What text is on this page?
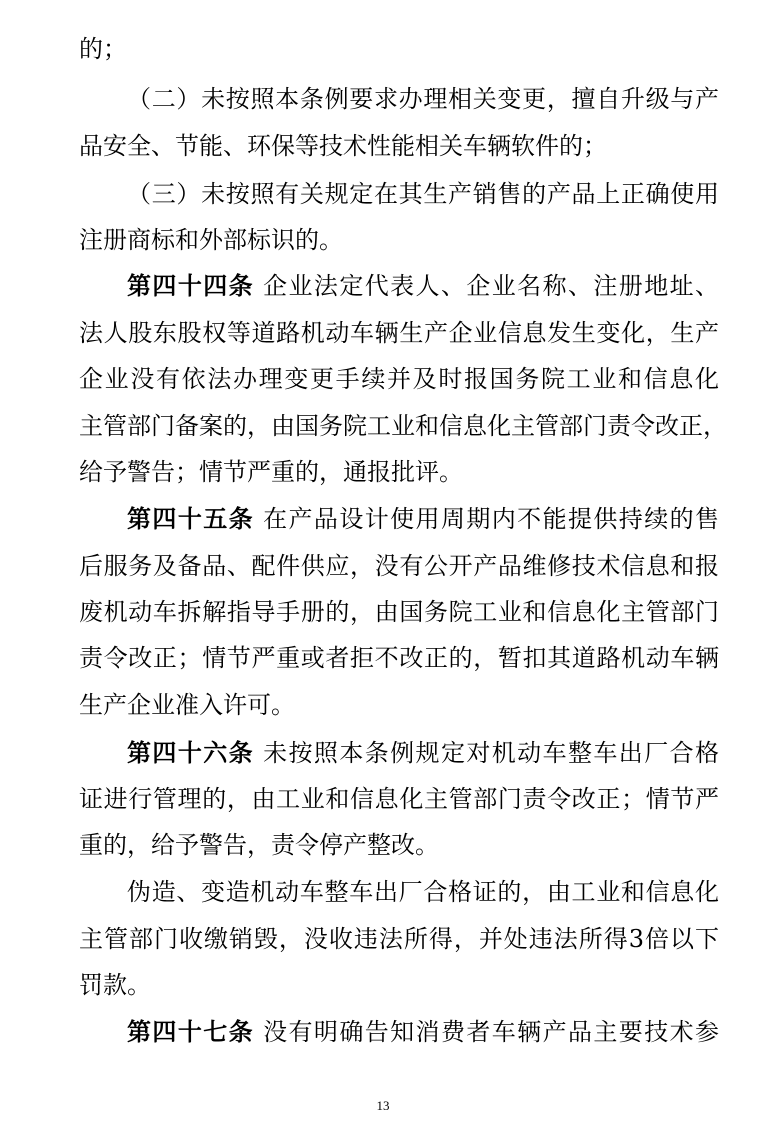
的；
（二）未按照本条例要求办理相关变更，擅自升级与产
品安全、节能、环保等技术性能相关车辆软件的；
（三）未按照有关规定在其生产销售的产品上正确使用
注册商标和外部标识的。
第四十四条 企业法定代表人、企业名称、注册地址、
法人股东股权等道路机动车辆生产企业信息发生变化，生产
企业没有依法办理变更手续并及时报国务院工业和信息化
主管部门备案的，由国务院工业和信息化主管部门责令改正，
给予警告；情节严重的，通报批评。
第四十五条 在产品设计使用周期内不能提供持续的售
后服务及备品、配件供应，没有公开产品维修技术信息和报
废机动车拆解指导手册的，由国务院工业和信息化主管部门
责令改正；情节严重或者拒不改正的，暂扣其道路机动车辆
生产企业准入许可。
第四十六条 未按照本条例规定对机动车整车出厂合格
证进行管理的，由工业和信息化主管部门责令改正；情节严
重的，给予警告，责令停产整改。
伪造、变造机动车整车出厂合格证的，由工业和信息化
主管部门收缴销毁，没收违法所得，并处违法所得3倍以下
罚款。
第四十七条 没有明确告知消费者车辆产品主要技术参
13
